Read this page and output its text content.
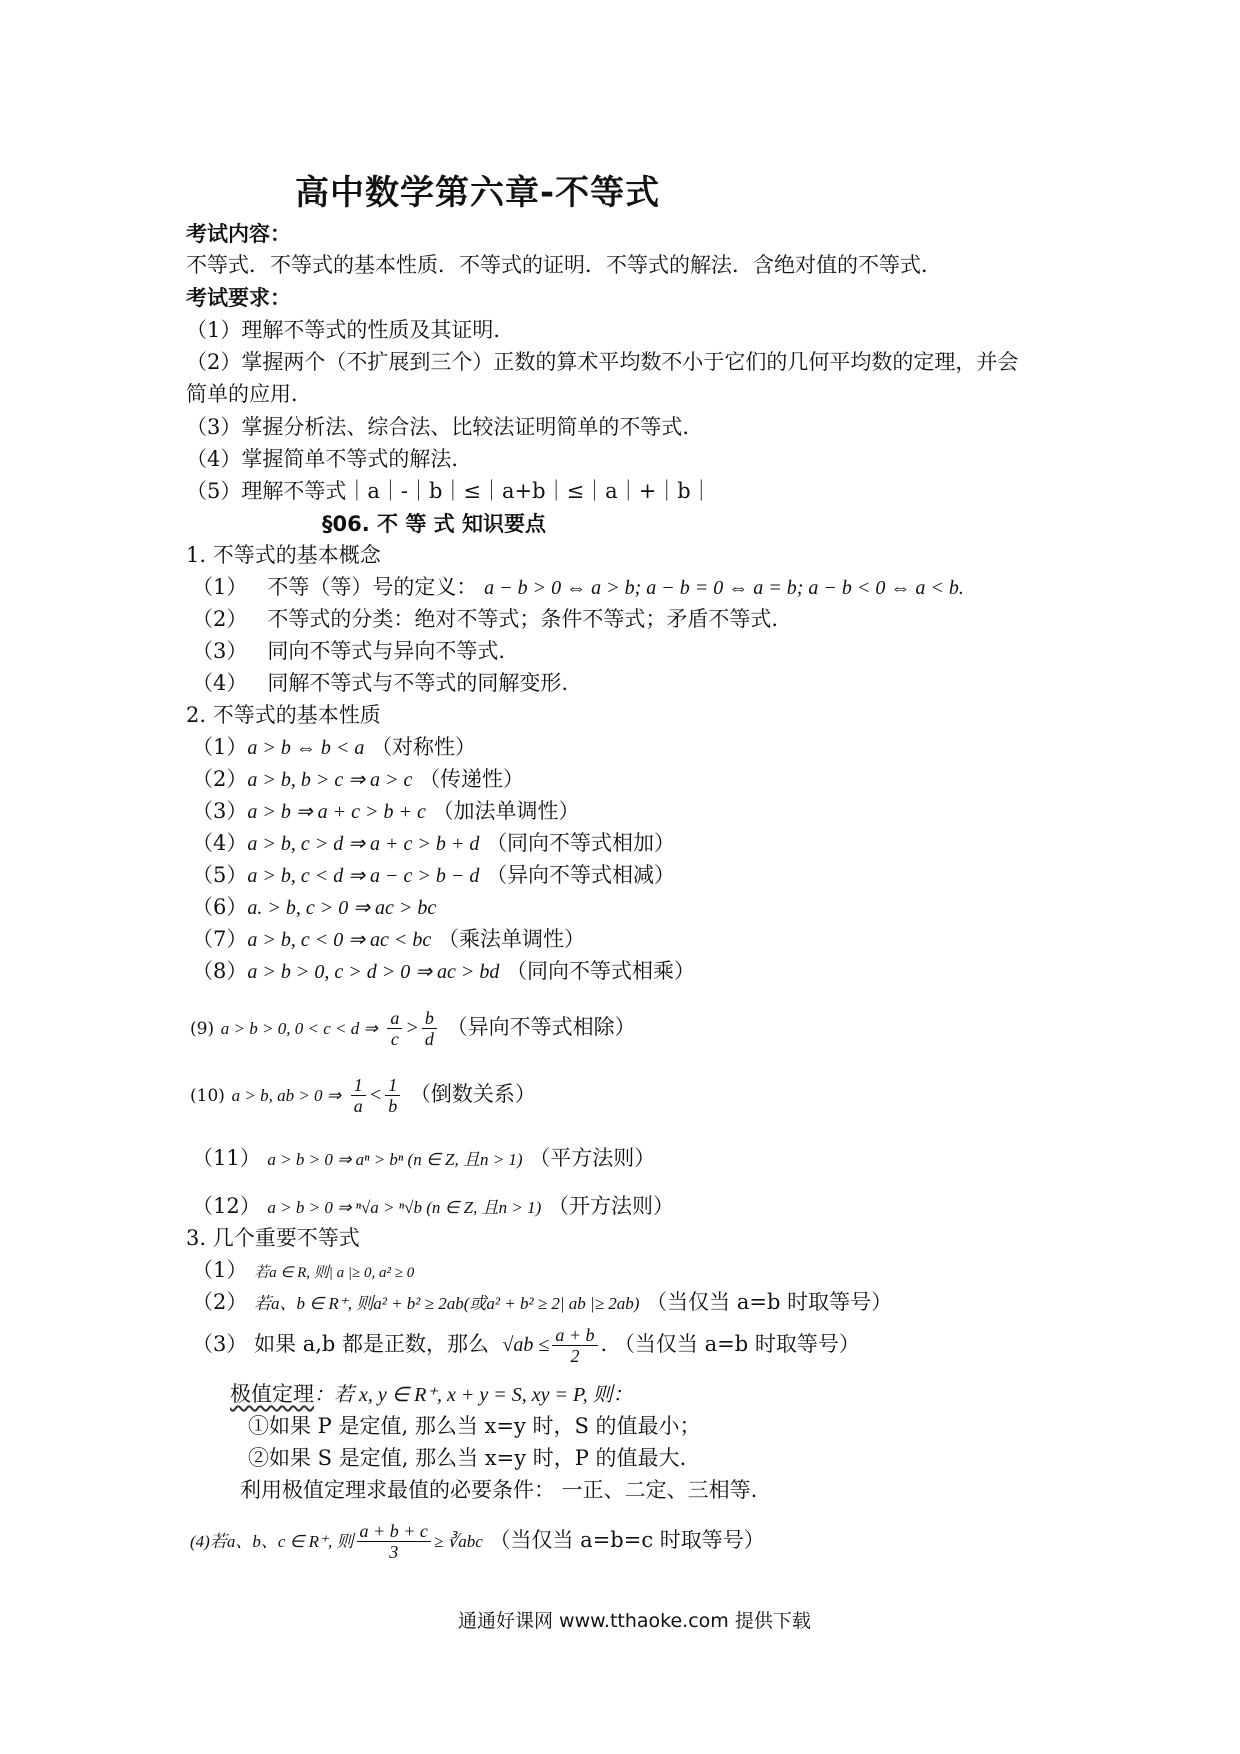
高中数学第六章-不等式
考试内容：
不等式．不等式的基本性质．不等式的证明．不等式的解法．含绝对值的不等式．
考试要求：
（1）理解不等式的性质及其证明．
（2）掌握两个（不扩展到三个）正数的算术平均数不小于它们的几何平均数的定理，并会
简单的应用．
（3）掌握分析法、综合法、比较法证明简单的不等式．
（4）掌握简单不等式的解法．
（5）理解不等式｜a｜-｜b｜≤｜a+b｜≤｜a｜+｜b｜
§06. 不 等 式 知识要点
1. 不等式的基本概念
（1） 不等（等）号的定义： a − b > 0 ⇔ a > b; a − b = 0 ⇔ a = b; a − b < 0 ⇔ a < b.
（2） 不等式的分类：绝对不等式；条件不等式；矛盾不等式.
（3） 同向不等式与异向不等式.
（4） 同解不等式与不等式的同解变形.
2. 不等式的基本性质
（1）a > b ⇔ b < a （对称性）
（2）a > b, b > c ⇒ a > c （传递性）
（3）a > b ⇒ a + c > b + c （加法单调性）
（4）a > b, c > d ⇒ a + c > b + d （同向不等式相加）
（5）a > b, c < d ⇒ a − c > b − d （异向不等式相减）
（6）a. > b, c > 0 ⇒ ac > bc
（7）a > b, c < 0 ⇒ ac < bc （乘法单调性）
（8）a > b > 0, c > d > 0 ⇒ ac > bd （同向不等式相乘）
(9) a > b > 0, 0 < c < d ⇒ $\frac{a}{c} > \frac{b}{d}$ （异向不等式相除）
(10) a > b, ab > 0 ⇒ $\frac{1}{a} < \frac{1}{b}$ （倒数关系）
（11） a > b > 0 ⇒ aⁿ > bⁿ (n ∈ Z, 且n > 1) （平方法则）
（12） a > b > 0 ⇒ ⁿ√a > ⁿ√b (n ∈ Z, 且n > 1) （开方法则）
3. 几个重要不等式
（1） 若a ∈ R, 则| a |≥ 0, a² ≥ 0
（2） 若a、b ∈ R⁺, 则a² + b² ≥ 2ab(或a² + b² ≥ 2| ab |≥ 2ab) （当仅当 a=b 时取等号）
（3） 如果 a,b 都是正数，那么 $√ab \le \frac{a + b}{2}$ . （当仅当 a=b 时取等号）
极值定理：若 x, y ∈ R⁺, x + y = S, xy = P, 则：
①如果 P 是定值, 那么当 x=y 时，S 的值最小；
②如果 S 是定值, 那么当 x=y 时，P 的值最大.
利用极值定理求最值的必要条件： 一正、二定、三相等.
(4)若a、b、c ∈ R⁺, 则 $\frac{a + b + c}{3}$ ≥ ∛abc （当仅当 a=b=c 时取等号）
通通好课网 www.tthaoke.com 提供下载
